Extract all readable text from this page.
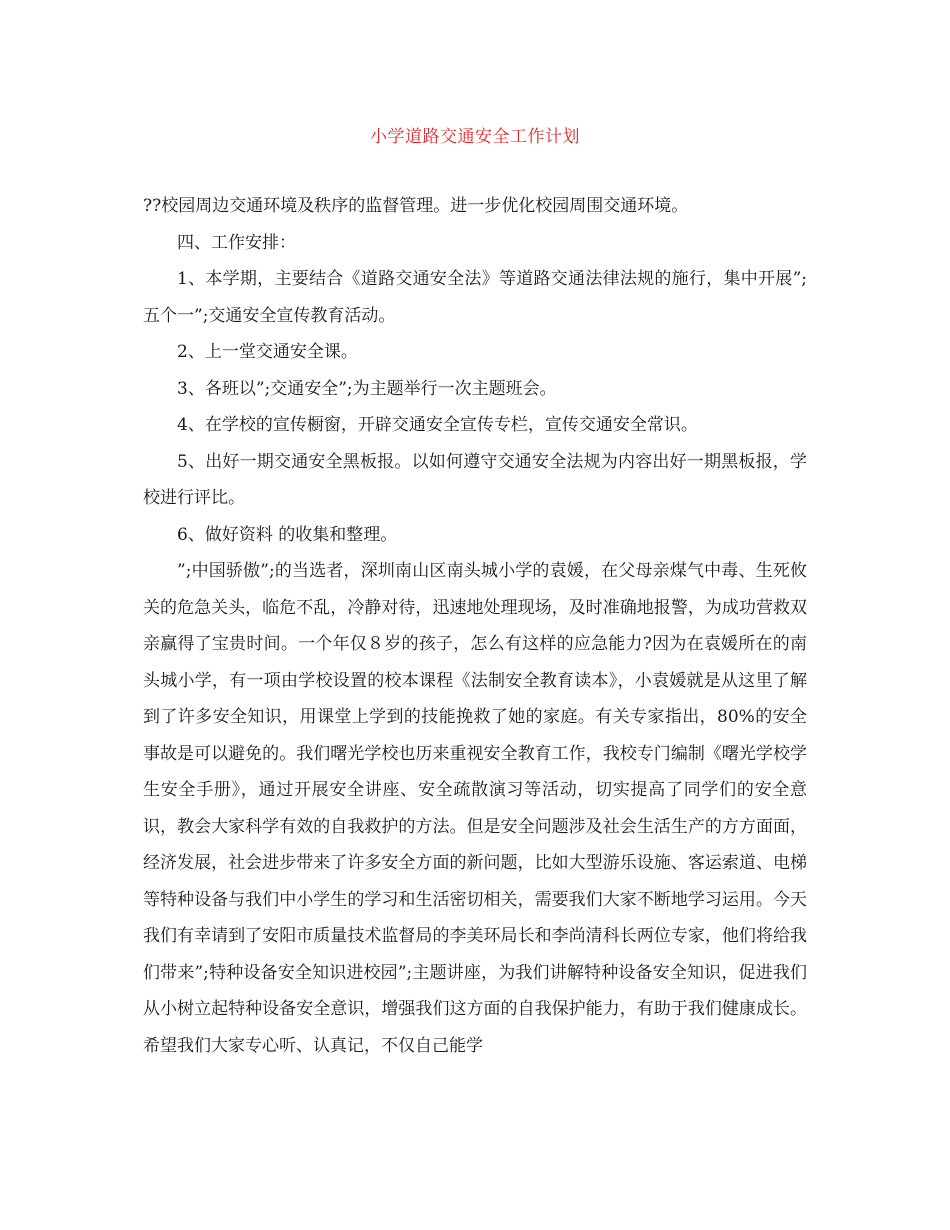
小学道路交通安全工作计划

??校园周边交通环境及秩序的监督管理。进一步优化校园周围交通环境。

四、工作安排：

1、本学期，主要结合《道路交通安全法》等道路交通法律法规的施行，集中开展”;五个一”;交通安全宣传教育活动。

2、上一堂交通安全课。

3、各班以”;交通安全”;为主题举行一次主题班会。

4、在学校的宣传橱窗，开辟交通安全宣传专栏，宣传交通安全常识。

5、出好一期交通安全黑板报。以如何遵守交通安全法规为内容出好一期黑板报，学校进行评比。

6、做好资料 的收集和整理。

”;中国骄傲”;的当选者，深圳南山区南头城小学的袁媛，在父母亲煤气中毒、生死攸关的危急关头，临危不乱，冷静对待，迅速地处理现场，及时准确地报警，为成功营救双亲赢得了宝贵时间。一个年仅８岁的孩子，怎么有这样的应急能力?因为在袁媛所在的南头城小学，有一项由学校设置的校本课程《法制安全教育读本》，小袁媛就是从这里了解到了许多安全知识，用课堂上学到的技能挽救了她的家庭。有关专家指出，80%的安全事故是可以避免的。我们曙光学校也历来重视安全教育工作，我校专门编制《曙光学校学生安全手册》，通过开展安全讲座、安全疏散演习等活动，切实提高了同学们的安全意识，教会大家科学有效的自我救护的方法。但是安全问题涉及社会生活生产的方方面面，经济发展，社会进步带来了许多安全方面的新问题，比如大型游乐设施、客运索道、电梯等特种设备与我们中小学生的学习和生活密切相关，需要我们大家不断地学习运用。今天我们有幸请到了安阳市质量技术监督局的李美环局长和李尚清科长两位专家，他们将给我们带来”;特种设备安全知识进校园”;主题讲座，为我们讲解特种设备安全知识，促进我们从小树立起特种设备安全意识，增强我们这方面的自我保护能力，有助于我们健康成长。希望我们大家专心听、认真记，不仅自己能学
